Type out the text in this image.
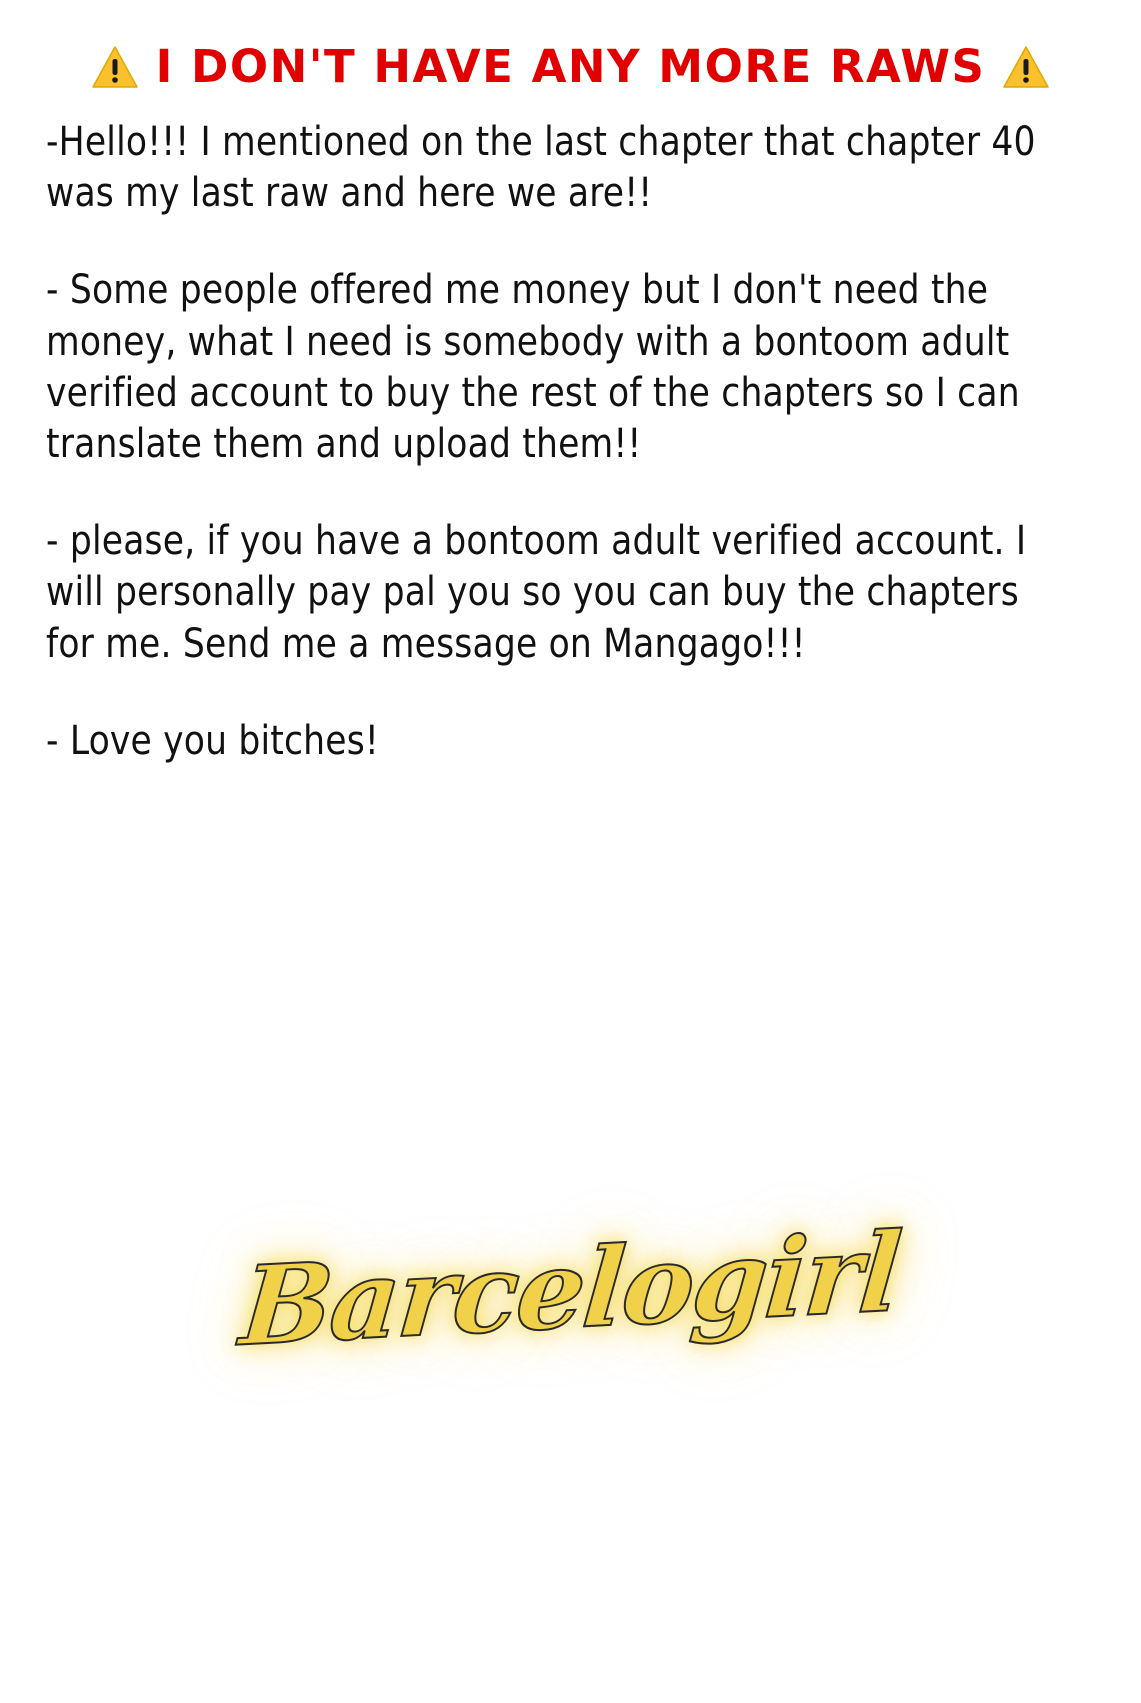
I DON'T HAVE ANY MORE RAWS

-Hello!!! I mentioned on the last chapter that chapter 40 was my last raw and here we are!!

- Some people offered me money but I don't need the money, what I need is somebody with a bontoom adult verified account to buy the rest of the chapters so I can translate them and upload them!!

- please, if you have a bontoom adult verified account. I will personally pay pal you so you can buy the chapters for me. Send me a message on Mangago!!!

- Love you bitches!

Barcelogirl
